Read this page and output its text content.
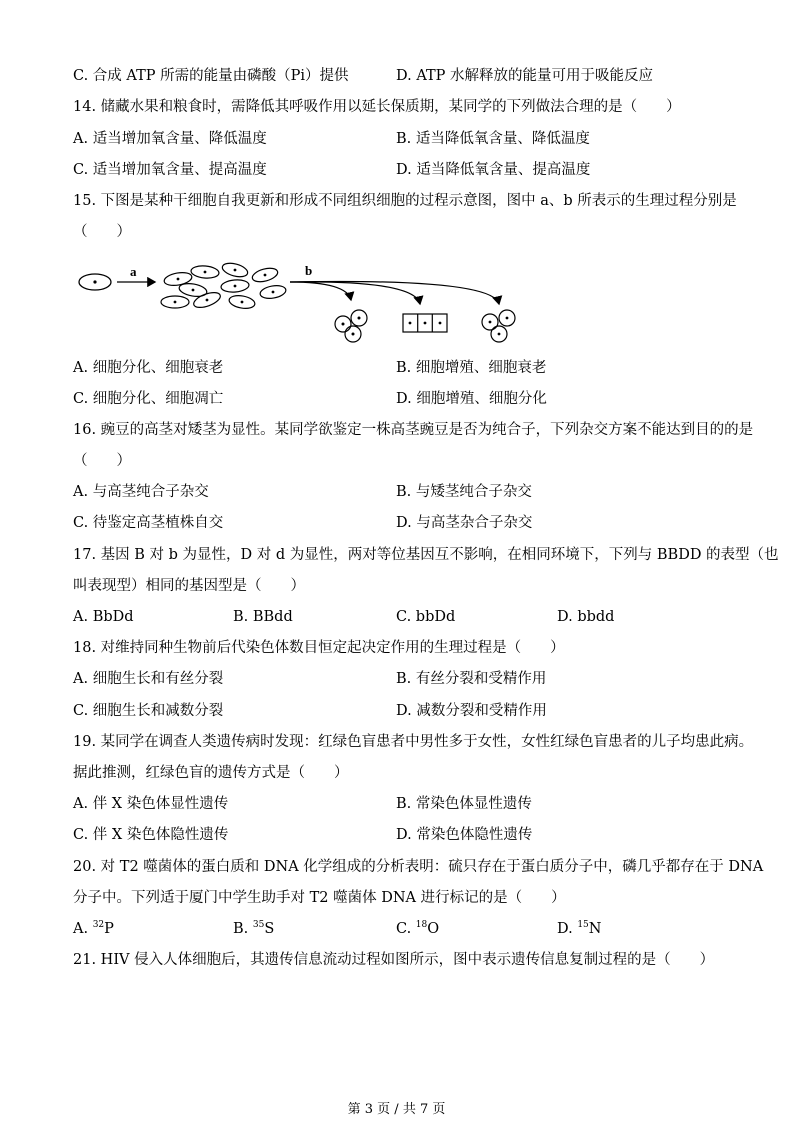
C. 合成 ATP 所需的能量由磷酸（Pi）提供	D. ATP 水解释放的能量可用于吸能反应
14. 储藏水果和粮食时，需降低其呼吸作用以延长保质期，某同学的下列做法合理的是（　　）
A. 适当增加氧含量、降低温度	B. 适当降低氧含量、降低温度
C. 适当增加氧含量、提高温度	D. 适当降低氧含量、提高温度
15. 下图是某种干细胞自我更新和形成不同组织细胞的过程示意图，图中 a、b 所表示的生理过程分别是
（　　）
a	b
A. 细胞分化、细胞衰老	B. 细胞增殖、细胞衰老
C. 细胞分化、细胞凋亡	D. 细胞增殖、细胞分化
16. 豌豆的高茎对矮茎为显性。某同学欲鉴定一株高茎豌豆是否为纯合子，下列杂交方案不能达到目的的是
（　　）
A. 与高茎纯合子杂交	B. 与矮茎纯合子杂交
C. 待鉴定高茎植株自交	D. 与高茎杂合子杂交
17. 基因 B 对 b 为显性，D 对 d 为显性，两对等位基因互不影响，在相同环境下，下列与 BBDD 的表型（也
叫表现型）相同的基因型是（　　）
A. BbDd	B. BBdd	C. bbDd	D. bbdd
18. 对维持同种生物前后代染色体数目恒定起决定作用的生理过程是（　　）
A. 细胞生长和有丝分裂	B. 有丝分裂和受精作用
C. 细胞生长和减数分裂	D. 减数分裂和受精作用
19. 某同学在调查人类遗传病时发现：红绿色盲患者中男性多于女性，女性红绿色盲患者的儿子均患此病。
据此推测，红绿色盲的遗传方式是（　　）
A. 伴 X 染色体显性遗传	B. 常染色体显性遗传
C. 伴 X 染色体隐性遗传	D. 常染色体隐性遗传
20. 对 T2 噬菌体的蛋白质和 DNA 化学组成的分析表明：硫只存在于蛋白质分子中，磷几乎都存在于 DNA
分子中。下列适于厦门中学生助手对 T2 噬菌体 DNA 进行标记的是（　　）
A. $^{32}$P	B. $^{35}$S	C. $^{18}$O	D. $^{15}$N
21. HIV 侵入人体细胞后，其遗传信息流动过程如图所示，图中表示遗传信息复制过程的是（　　）
第 3 页 / 共 7 页
